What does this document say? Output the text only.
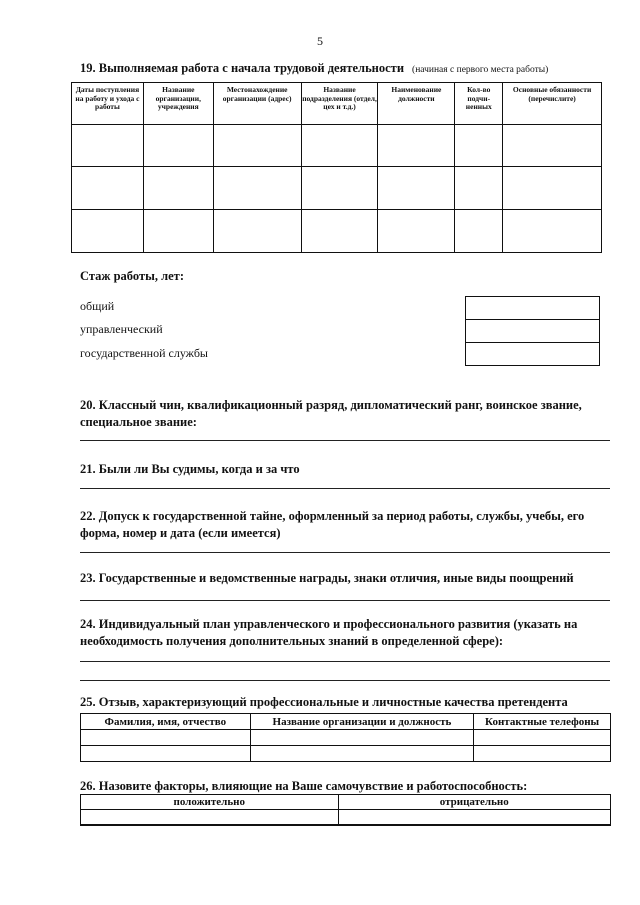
5
19. Выполняемая работа с начала трудовой деятельности (начиная с первого места работы)
Даты поступления на работу и ухода с работы	Название организации, учреждения	Местонахождение организации (адрес)	Название подразделения (отдел, цех и т.д.)	Наименование должности	Кол-во подчи-ненных	Основные обязанности (перечислите)

Стаж работы, лет:
общий
управленческий
государственной службы

20. Классный чин, квалификационный разряд, дипломатический ранг, воинское звание, специальное звание:
21. Были ли Вы судимы, когда и за что
22. Допуск к государственной тайне, оформленный за период работы, службы, учебы, его форма, номер и дата (если имеется)
23. Государственные и ведомственные награды, знаки отличия, иные виды поощрений
24. Индивидуальный план управленческого и профессионального развития (указать на необходимость получения дополнительных знаний в определенной сфере):
25. Отзыв, характеризующий профессиональные и личностные качества претендента
Фамилия, имя, отчество	Название организации и должность	Контактные телефоны

26. Назовите факторы, влияющие на Ваше самочувствие и работоспособность:
положительно	отрицательно
